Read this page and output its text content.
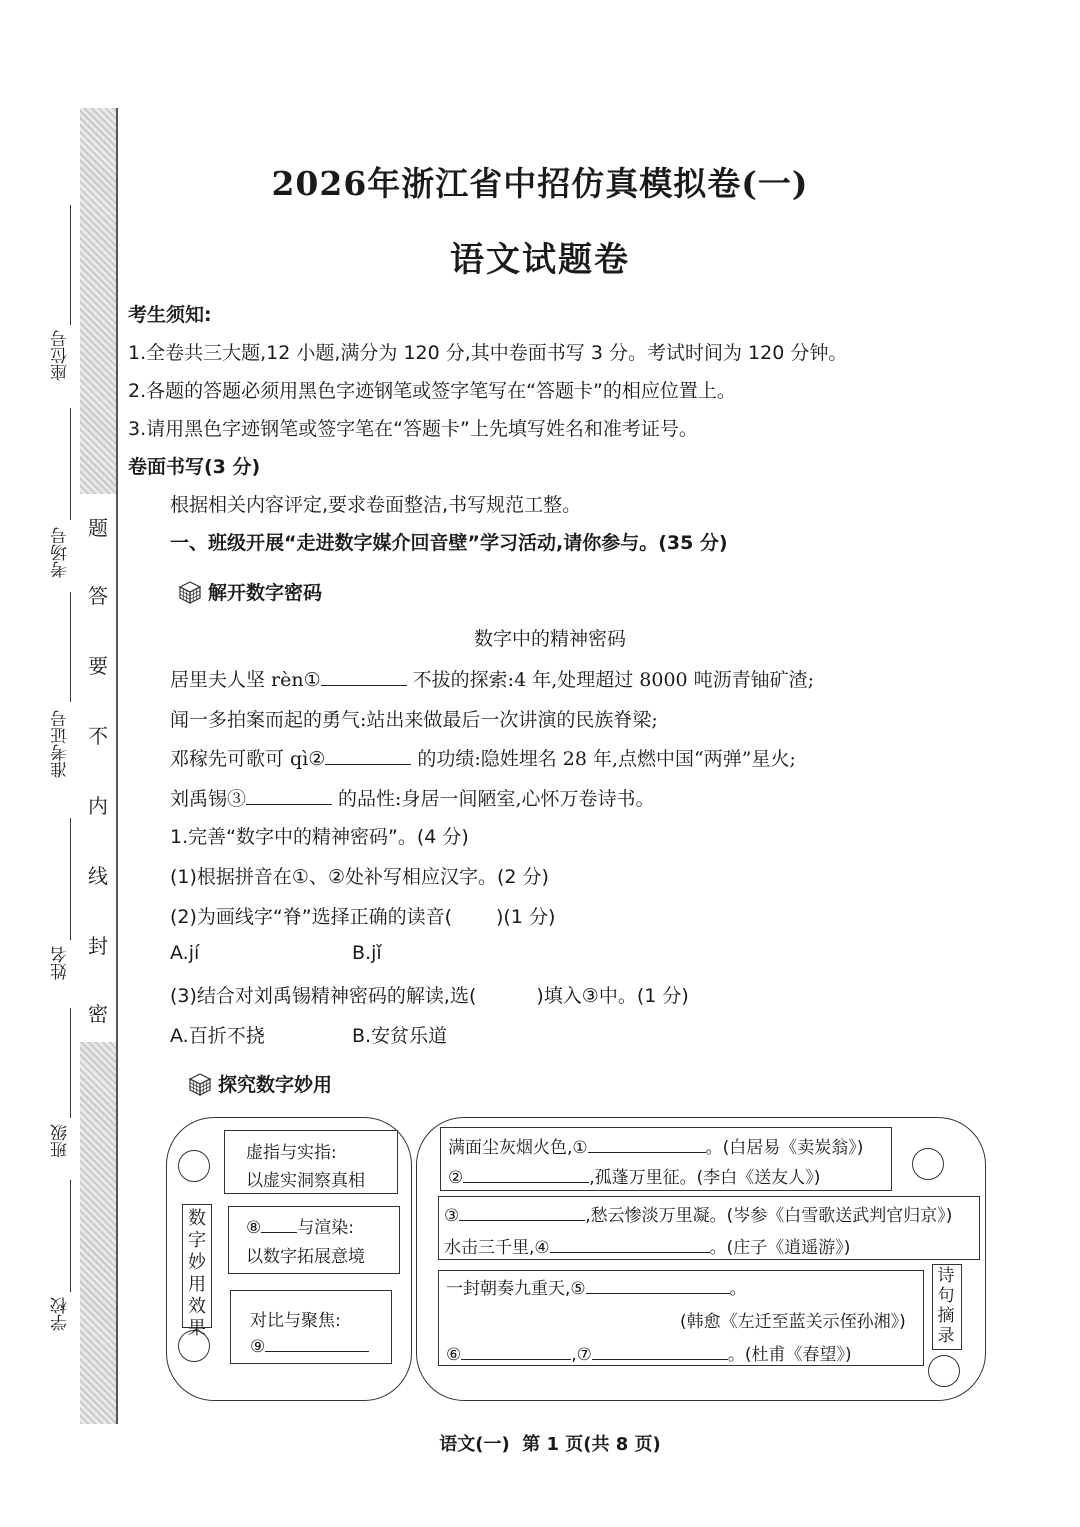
题
答
要
不
内
线
封
密
座位号
考场号
准考证号
姓名
班级
学校
2026年浙江省中招仿真模拟卷(一)
语文试题卷
考生须知:
1.全卷共三大题,12 小题,满分为 120 分,其中卷面书写 3 分。考试时间为 120 分钟。
2.各题的答题必须用黑色字迹钢笔或签字笔写在“答题卡”的相应位置上。
3.请用黑色字迹钢笔或签字笔在“答题卡”上先填写姓名和准考证号。
卷面书写(3 分)
根据相关内容评定,要求卷面整洁,书写规范工整。
一、班级开展“走进数字媒介回音壁”学习活动,请你参与。(35 分)
解开数字密码
数字中的精神密码
居里夫人坚 rèn①	不拔的探索:4 年,处理超过 8000 吨沥青铀矿渣;
闻一多拍案而起的勇气:站出来做最后一次讲演的民族脊梁;
邓稼先可歌可 qì②	的功绩:隐姓埋名 28 年,点燃中国“两弹”星火;
刘禹锡③	的品性:身居一间陋室,心怀万卷诗书。
1.完善“数字中的精神密码”。(4 分)
(1)根据拼音在①、②处补写相应汉字。(2 分)
(2)为画线字“脊”选择正确的读音( )(1 分)
A.jí	B.jǐ
(3)结合对刘禹锡精神密码的解读,选(	)填入③中。(1 分)
A.百折不挠	B.安贫乐道
探究数字妙用
数字妙用效果
虚指与实指:
以虚实洞察真相
⑧ 与渲染:
以数字拓展意境
对比与聚焦:
⑨
满面尘灰烟火色,①	。(白居易《卖炭翁》)
②	,孤蓬万里征。(李白《送友人》)
③	,愁云惨淡万里凝。(岑参《白雪歌送武判官归京》)
水击三千里,④	。(庄子《逍遥游》)
一封朝奏九重天,⑤	。
(韩愈《左迁至蓝关示侄孙湘》)
⑥	,⑦	。(杜甫《春望》)
诗句摘录
语文(一)  第 1 页(共 8 页)
